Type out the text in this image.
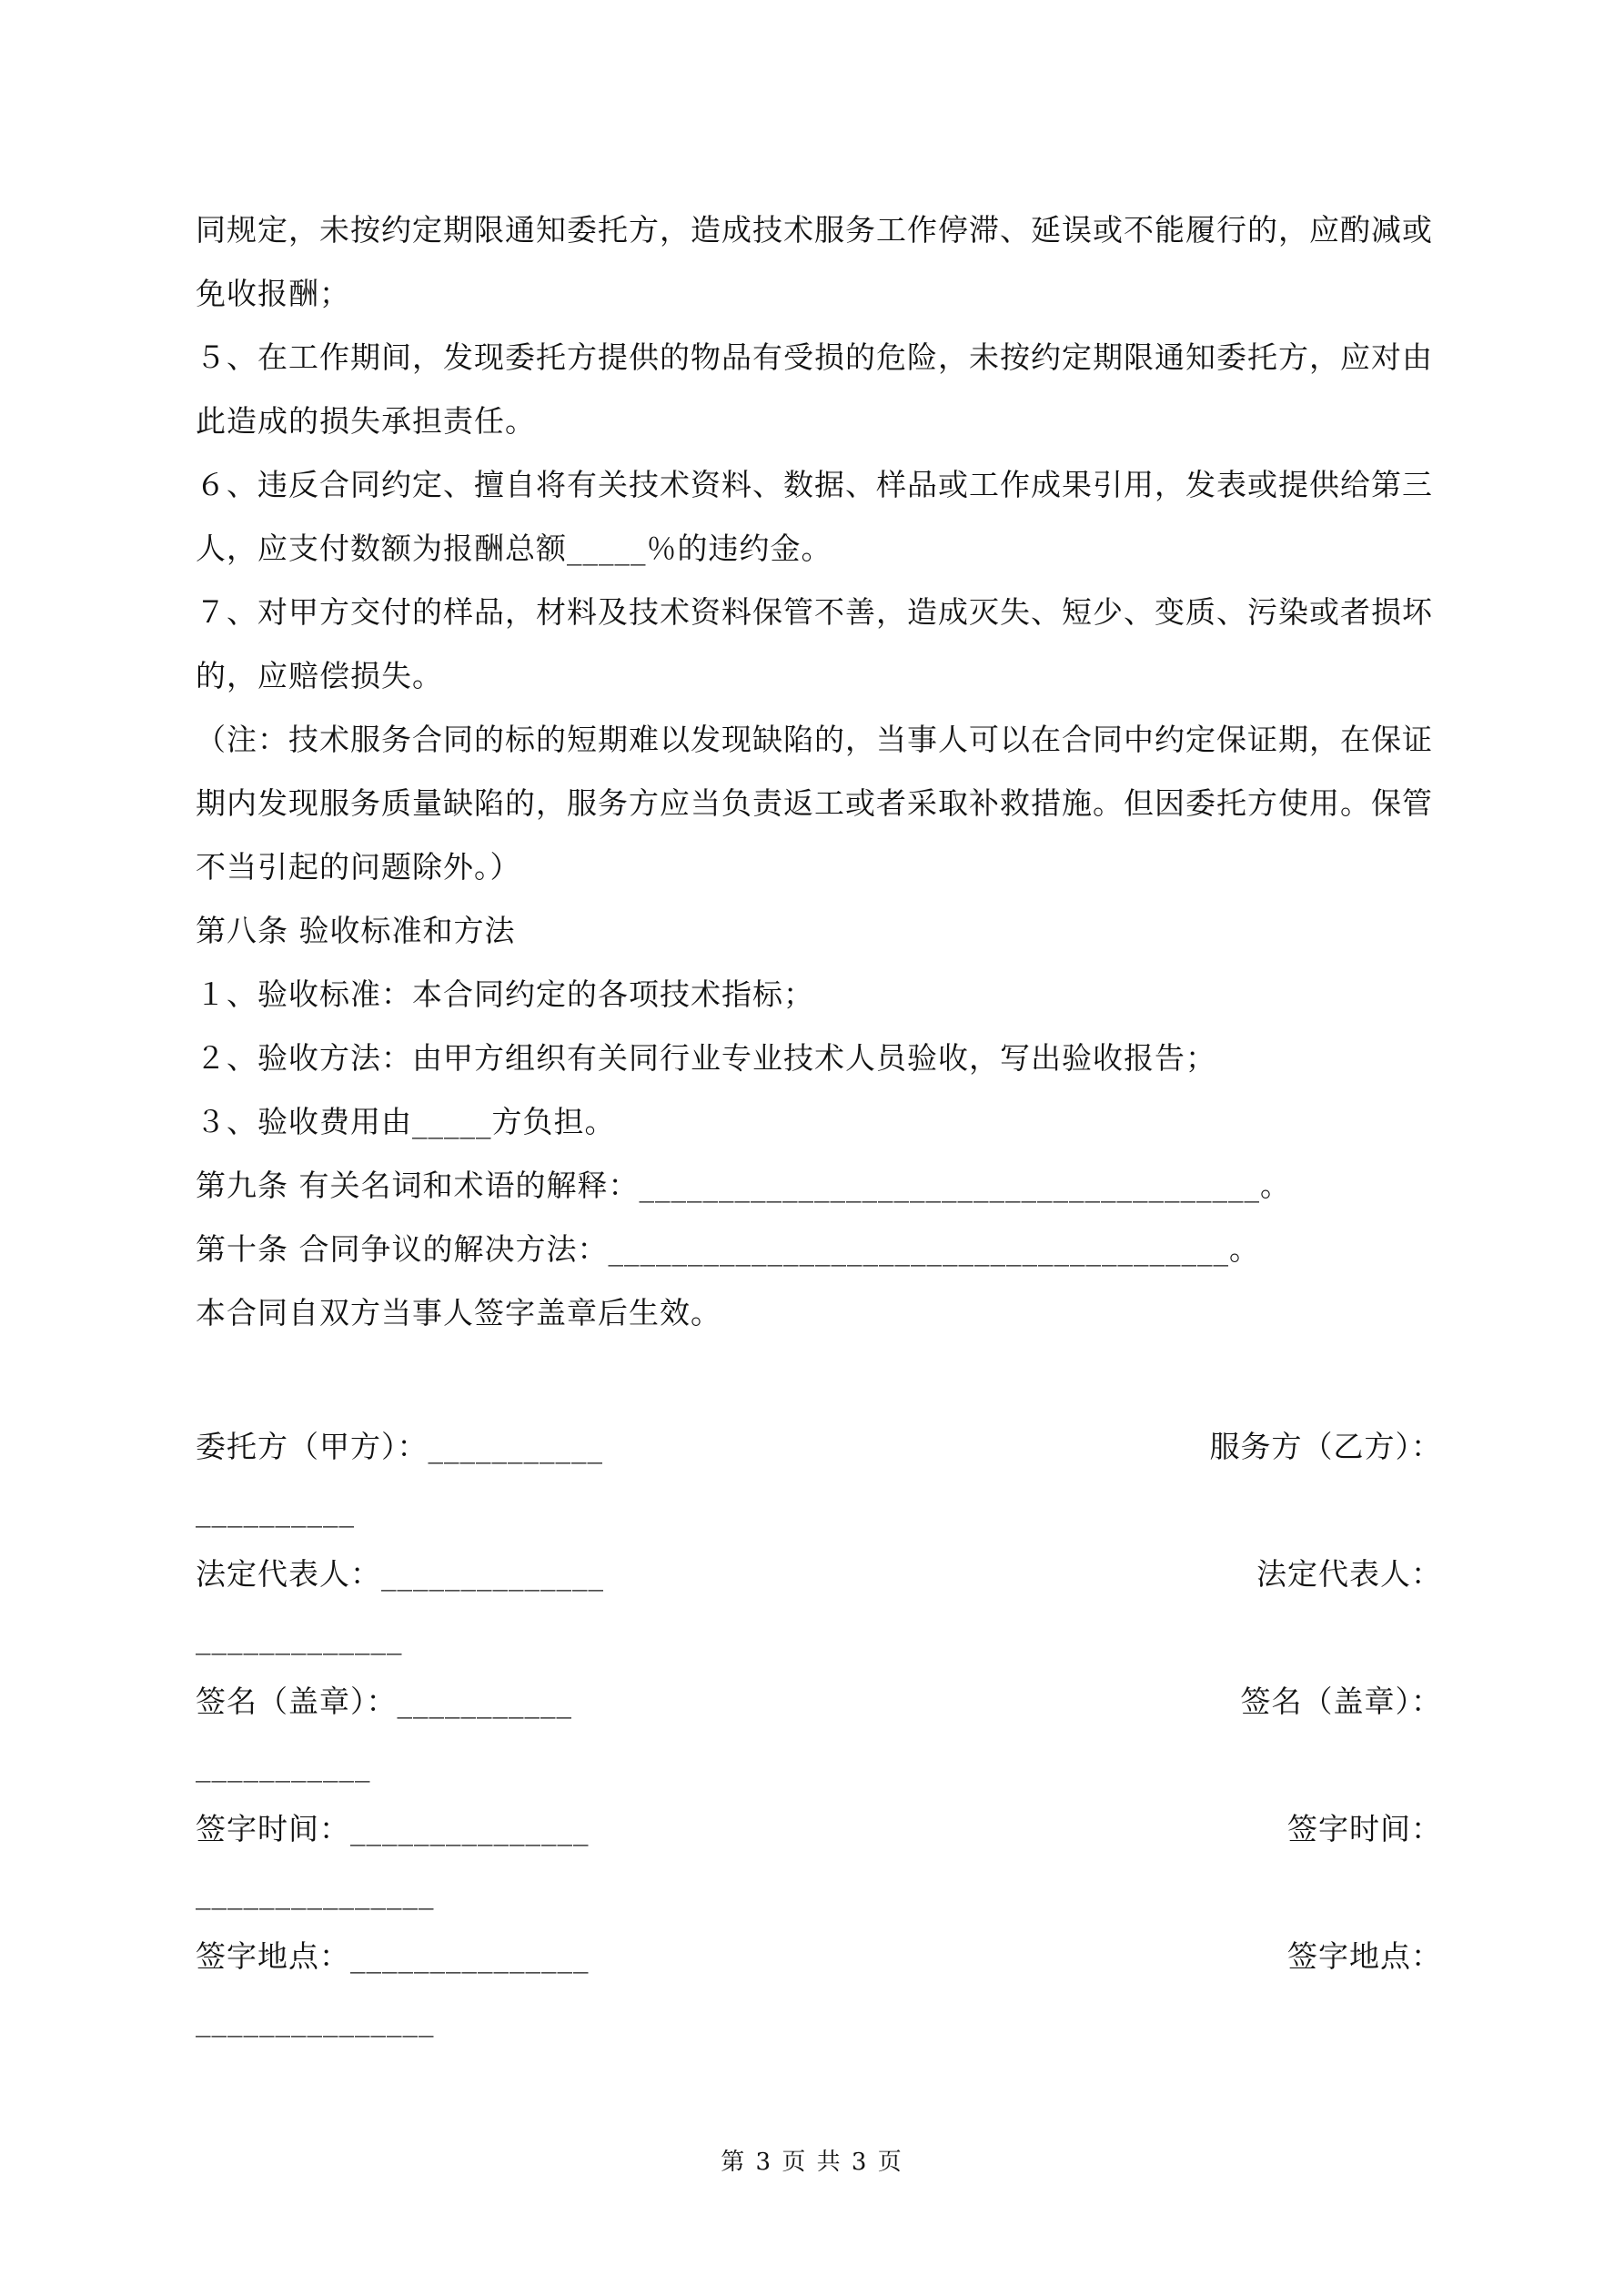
同规定，未按约定期限通知委托方，造成技术服务工作停滞、延误或不能履行的，应酌减或免收报酬；

５、在工作期间，发现委托方提供的物品有受损的危险，未按约定期限通知委托方，应对由此造成的损失承担责任。

６、违反合同约定、擅自将有关技术资料、数据、样品或工作成果引用，发表或提供给第三人，应支付数额为报酬总额_____％的违约金。

７、对甲方交付的样品，材料及技术资料保管不善，造成灭失、短少、变质、污染或者损坏的，应赔偿损失。

（注：技术服务合同的标的短期难以发现缺陷的，当事人可以在合同中约定保证期，在保证期内发现服务质量缺陷的，服务方应当负责返工或者采取补救措施。但因委托方使用。保管不当引起的问题除外。）

第八条 验收标准和方法

１、验收标准：本合同约定的各项技术指标；

２、验收方法：由甲方组织有关同行业专业技术人员验收，写出验收报告；

３、验收费用由_____方负担。

第九条 有关名词和术语的解释：_______________________________________。

第十条 合同争议的解决方法：_______________________________________。

本合同自双方当事人签字盖章后生效。

委托方（甲方）：___________	服务方（乙方）：
__________
法定代表人：______________	法定代表人：
_____________
签名（盖章）：___________	签名（盖章）：
___________
签字时间：_______________	签字时间：
_______________
签字地点：_______________	签字地点：
_______________
第 3 页 共 3 页
